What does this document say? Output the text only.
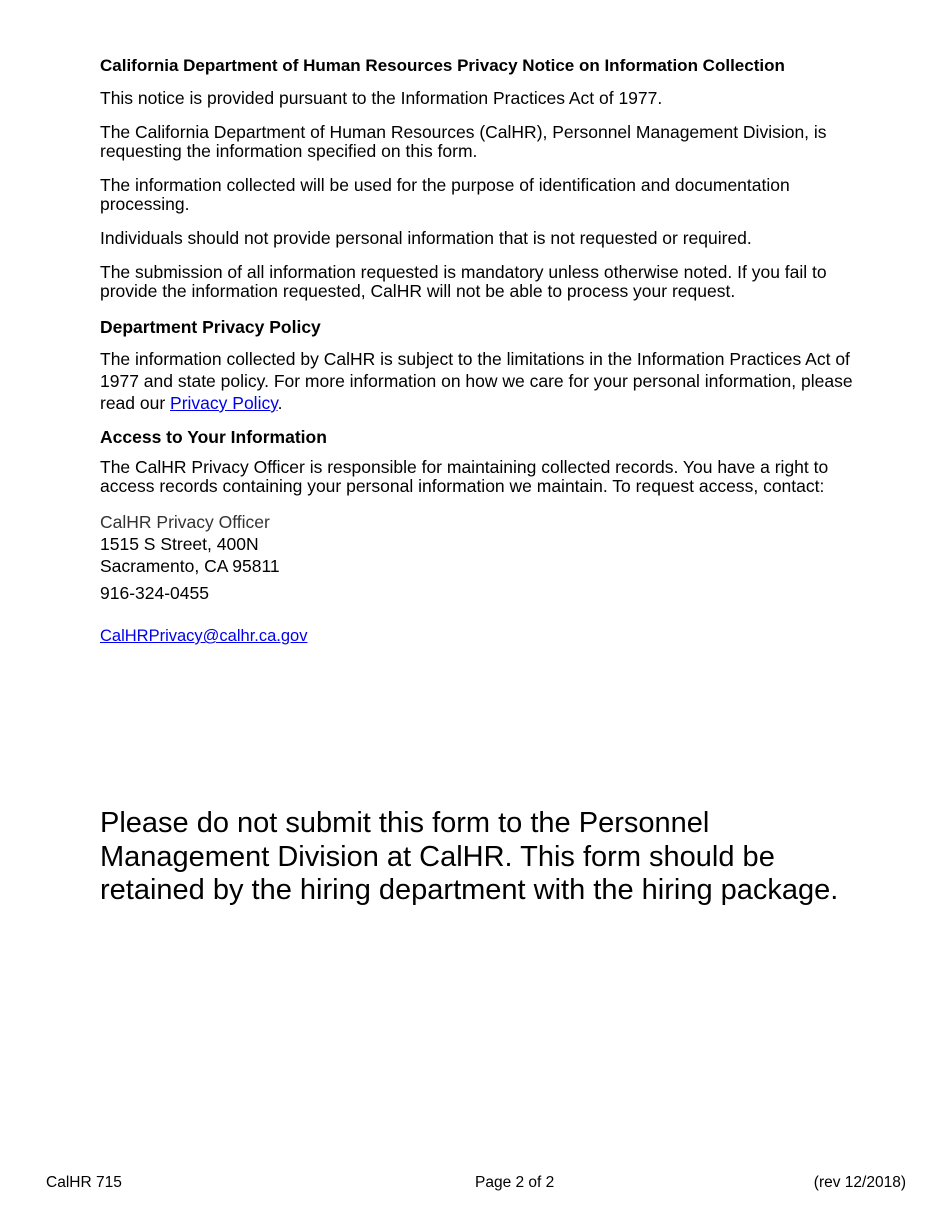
California Department of Human Resources Privacy Notice on Information Collection

This notice is provided pursuant to the Information Practices Act of 1977.

The California Department of Human Resources (CalHR), Personnel Management Division, is requesting the information specified on this form.

The information collected will be used for the purpose of identification and documentation processing.

Individuals should not provide personal information that is not requested or required.

The submission of all information requested is mandatory unless otherwise noted. If you fail to provide the information requested, CalHR will not be able to process your request.

Department Privacy Policy

The information collected by CalHR is subject to the limitations in the Information Practices Act of 1977 and state policy. For more information on how we care for your personal information, please read our Privacy Policy.

Access to Your Information

The CalHR Privacy Officer is responsible for maintaining collected records. You have a right to access records containing your personal information we maintain. To request access, contact:

CalHR Privacy Officer
1515 S Street, 400N
Sacramento, CA 95811
916-324-0455
CalHRPrivacy@calhr.ca.gov

Please do not submit this form to the Personnel Management Division at CalHR. This form should be retained by the hiring department with the hiring package.

CalHR 715	Page 2 of 2	(rev 12/2018)
